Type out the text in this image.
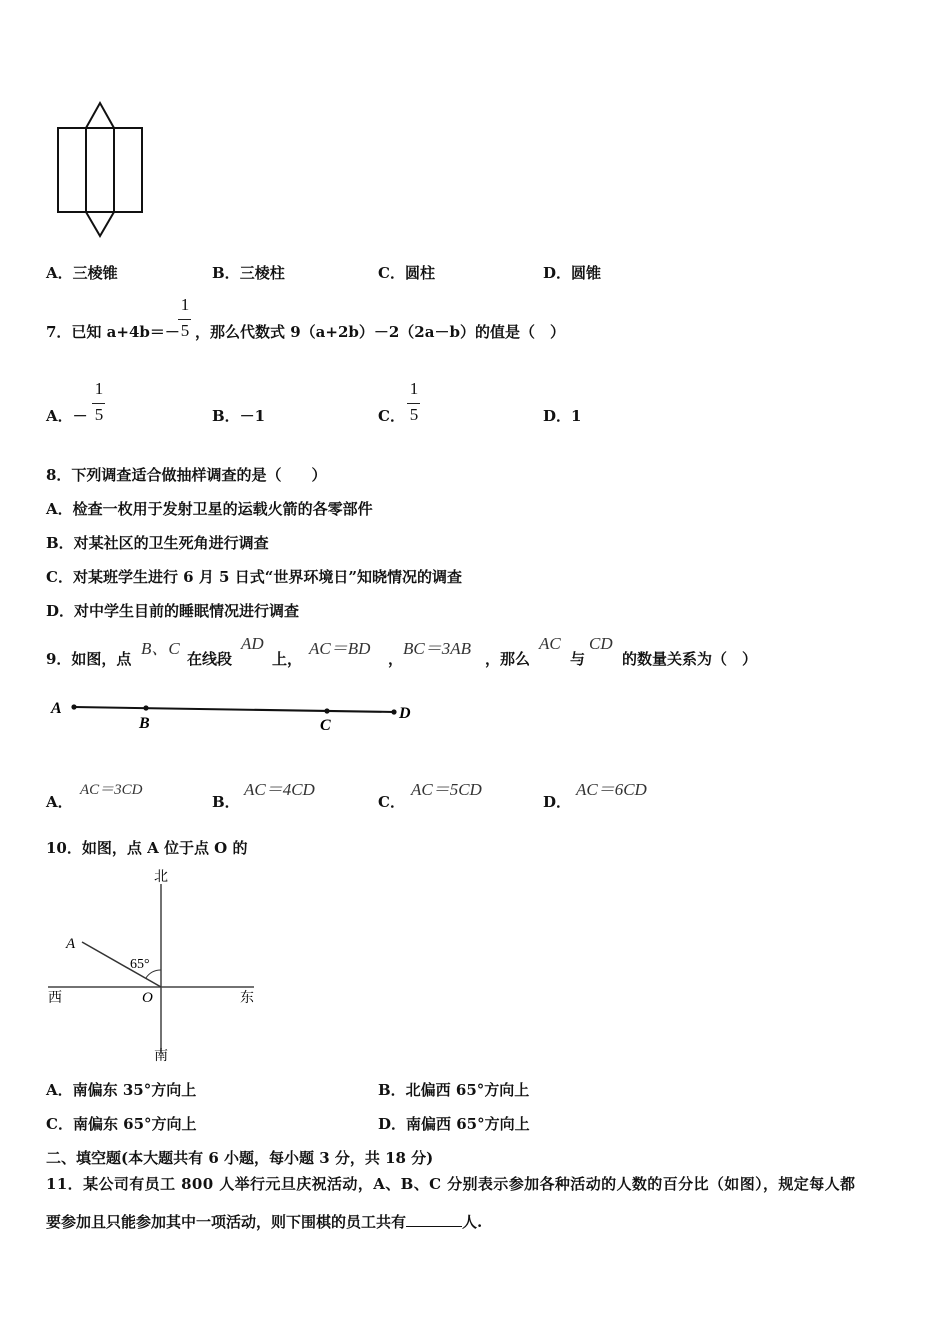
A．三棱锥	B．三棱柱	C．圆柱	D．圆锥
7．已知 a+4b＝－
1
5 ，那么代数式 9（a+2b）－2（2a－b）的值是（　）
A．－
1
5	B．－1	C．
1
5	D．1
8．下列调查适合做抽样调查的是（　　）
A．检查一枚用于发射卫星的运载火箭的各零部件
B．对某社区的卫生死角进行调查
C．对某班学生进行 6 月 5 日式“世界环境日”知晓情况的调查
D．对中学生目前的睡眠情况进行调查
9．如图，点
B、C
在线段
AD
上，
AC＝BD
，
BC＝3AB
，那么
AC
与
CD
的数量关系为（　）
A
B	C
D
A．
AC＝3CD
B．
AC＝4CD
C．
AC＝5CD
D．
AC＝6CD
10．如图，点 A 位于点 O 的
北
南
西	东
A
O
65°
A．南偏东 35°方向上	B．北偏西 65°方向上
C．南偏东 65°方向上	D．南偏西 65°方向上
二、填空题(本大题共有 6 小题，每小题 3 分，共 18 分)
11．某公司有员工 800 人举行元旦庆祝活动，A、B、C 分别表示参加各种活动的人数的百分比（如图），规定每人都
要参加且只能参加其中一项活动，则下围棋的员工共有	人.
